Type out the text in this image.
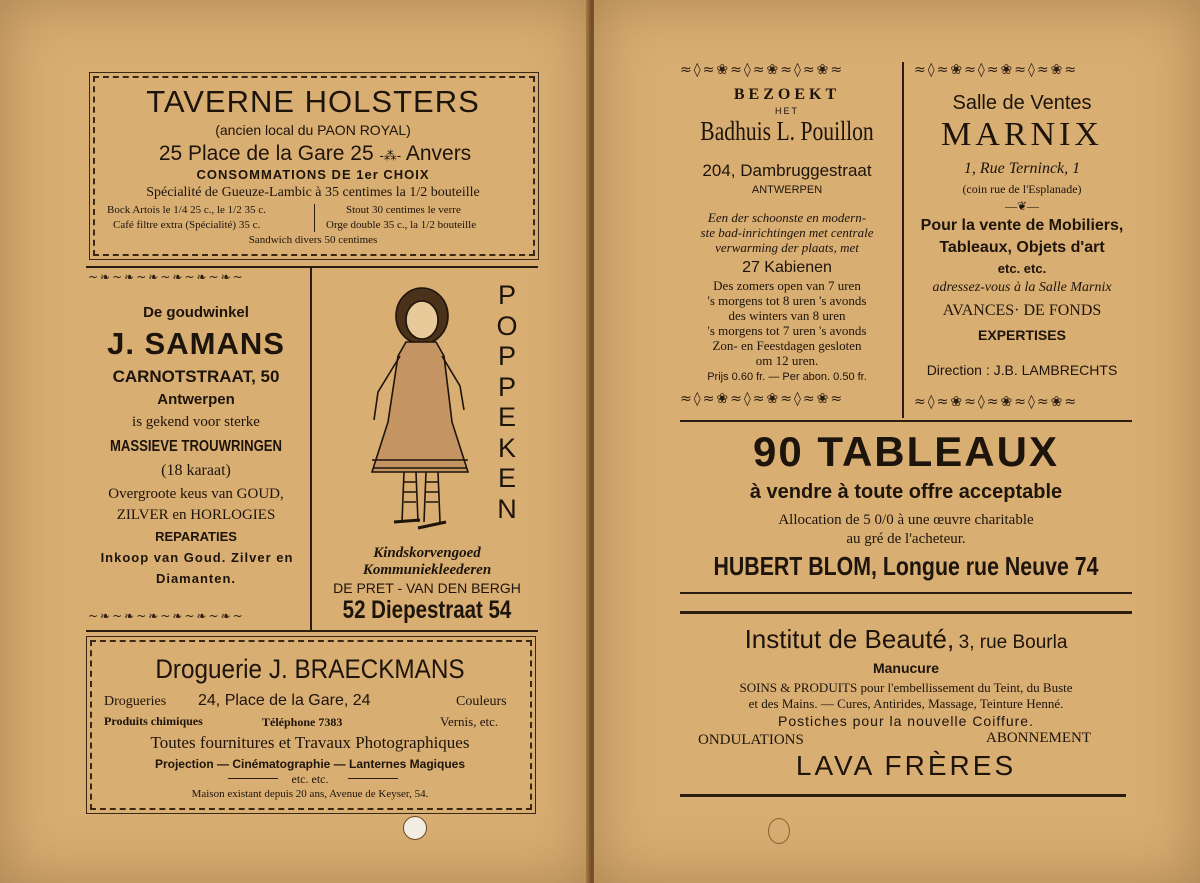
TAVERNE HOLSTERS
(ancien local du PAON ROYAL)
25 Place de la Gare 25 -⁂- Anvers
CONSOMMATIONS DE 1er CHOIX
Spécialité de Gueuze-Lambic à 35 centimes la 1/2 bouteille
Bock Artois le 1/4 25 c., le 1/2 35 c.
Café filtre extra (Spécialité) 35 c.
Stout 30 centimes le verre
Orge double 35 c., la 1/2 bouteille
Sandwich divers 50 centimes
~❧~❧~❧~❧~❧~❧~
De goudwinkel
J. SAMANS
CARNOTSTRAAT, 50
Antwerpen
is gekend voor sterke
MASSIEVE TROUWRINGEN
(18 karaat)
Overgroote keus van GOUD,
ZILVER en HORLOGIES
REPARATIES
Inkoop van Goud. Zilver en
Diamanten.
~❧~❧~❧~❧~❧~❧~
P
O
P
P
E
K
E
N
Kindskorvengoed
Kommuniekleederen
DE PRET - VAN DEN BERGH
52 Diepestraat 54
Droguerie J. BRAECKMANS
Drogueries 24, Place de la Gare, 24	Couleurs
Produits chimiques	Téléphone 7383	Vernis, etc.
Toutes fournitures et Travaux Photographiques
Projection — Cinématographie — Lanternes Magiques
etc. etc.
Maison existant depuis 20 ans, Avenue de Keyser, 54.
≈◊≈❀≈◊≈❀≈◊≈❀≈
BEZOEKT
HET
Badhuis L. Pouillon
204, Dambruggestraat
ANTWERPEN
Een der schoonste en modern-
ste bad-inrichtingen met centrale
verwarming der plaats, met
27 Kabienen
Des zomers open van 7 uren
's morgens tot 8 uren 's avonds
des winters van 8 uren
's morgens tot 7 uren 's avonds
Zon- en Feestdagen gesloten
om 12 uren.
Prijs 0.60 fr. — Per abon. 0.50 fr.
≈◊≈❀≈◊≈❀≈◊≈❀≈
≈◊≈❀≈◊≈❀≈◊≈❀≈
Salle de Ventes
MARNIX
1, Rue Terninck, 1
(coin rue de l'Esplanade)
—❦—
Pour la vente de Mobiliers,
Tableaux, Objets d'art
etc. etc.
adressez-vous à la Salle Marnix
AVANCES· DE FONDS
EXPERTISES
Direction : J.B. LAMBRECHTS
≈◊≈❀≈◊≈❀≈◊≈❀≈
90 TABLEAUX
à vendre à toute offre acceptable
Allocation de 5 0/0 à une œuvre charitable
au gré de l'acheteur.
HUBERT BLOM, Longue rue Neuve 74
Institut de Beauté, 3, rue Bourla
Manucure
SOINS & PRODUITS pour l'embellissement du Teint, du Buste
et des Mains. — Cures, Antirides, Massage, Teinture Henné.
Postiches pour la nouvelle Coiffure.
ONDULATIONS	ABONNEMENT
LAVA FRÈRES
